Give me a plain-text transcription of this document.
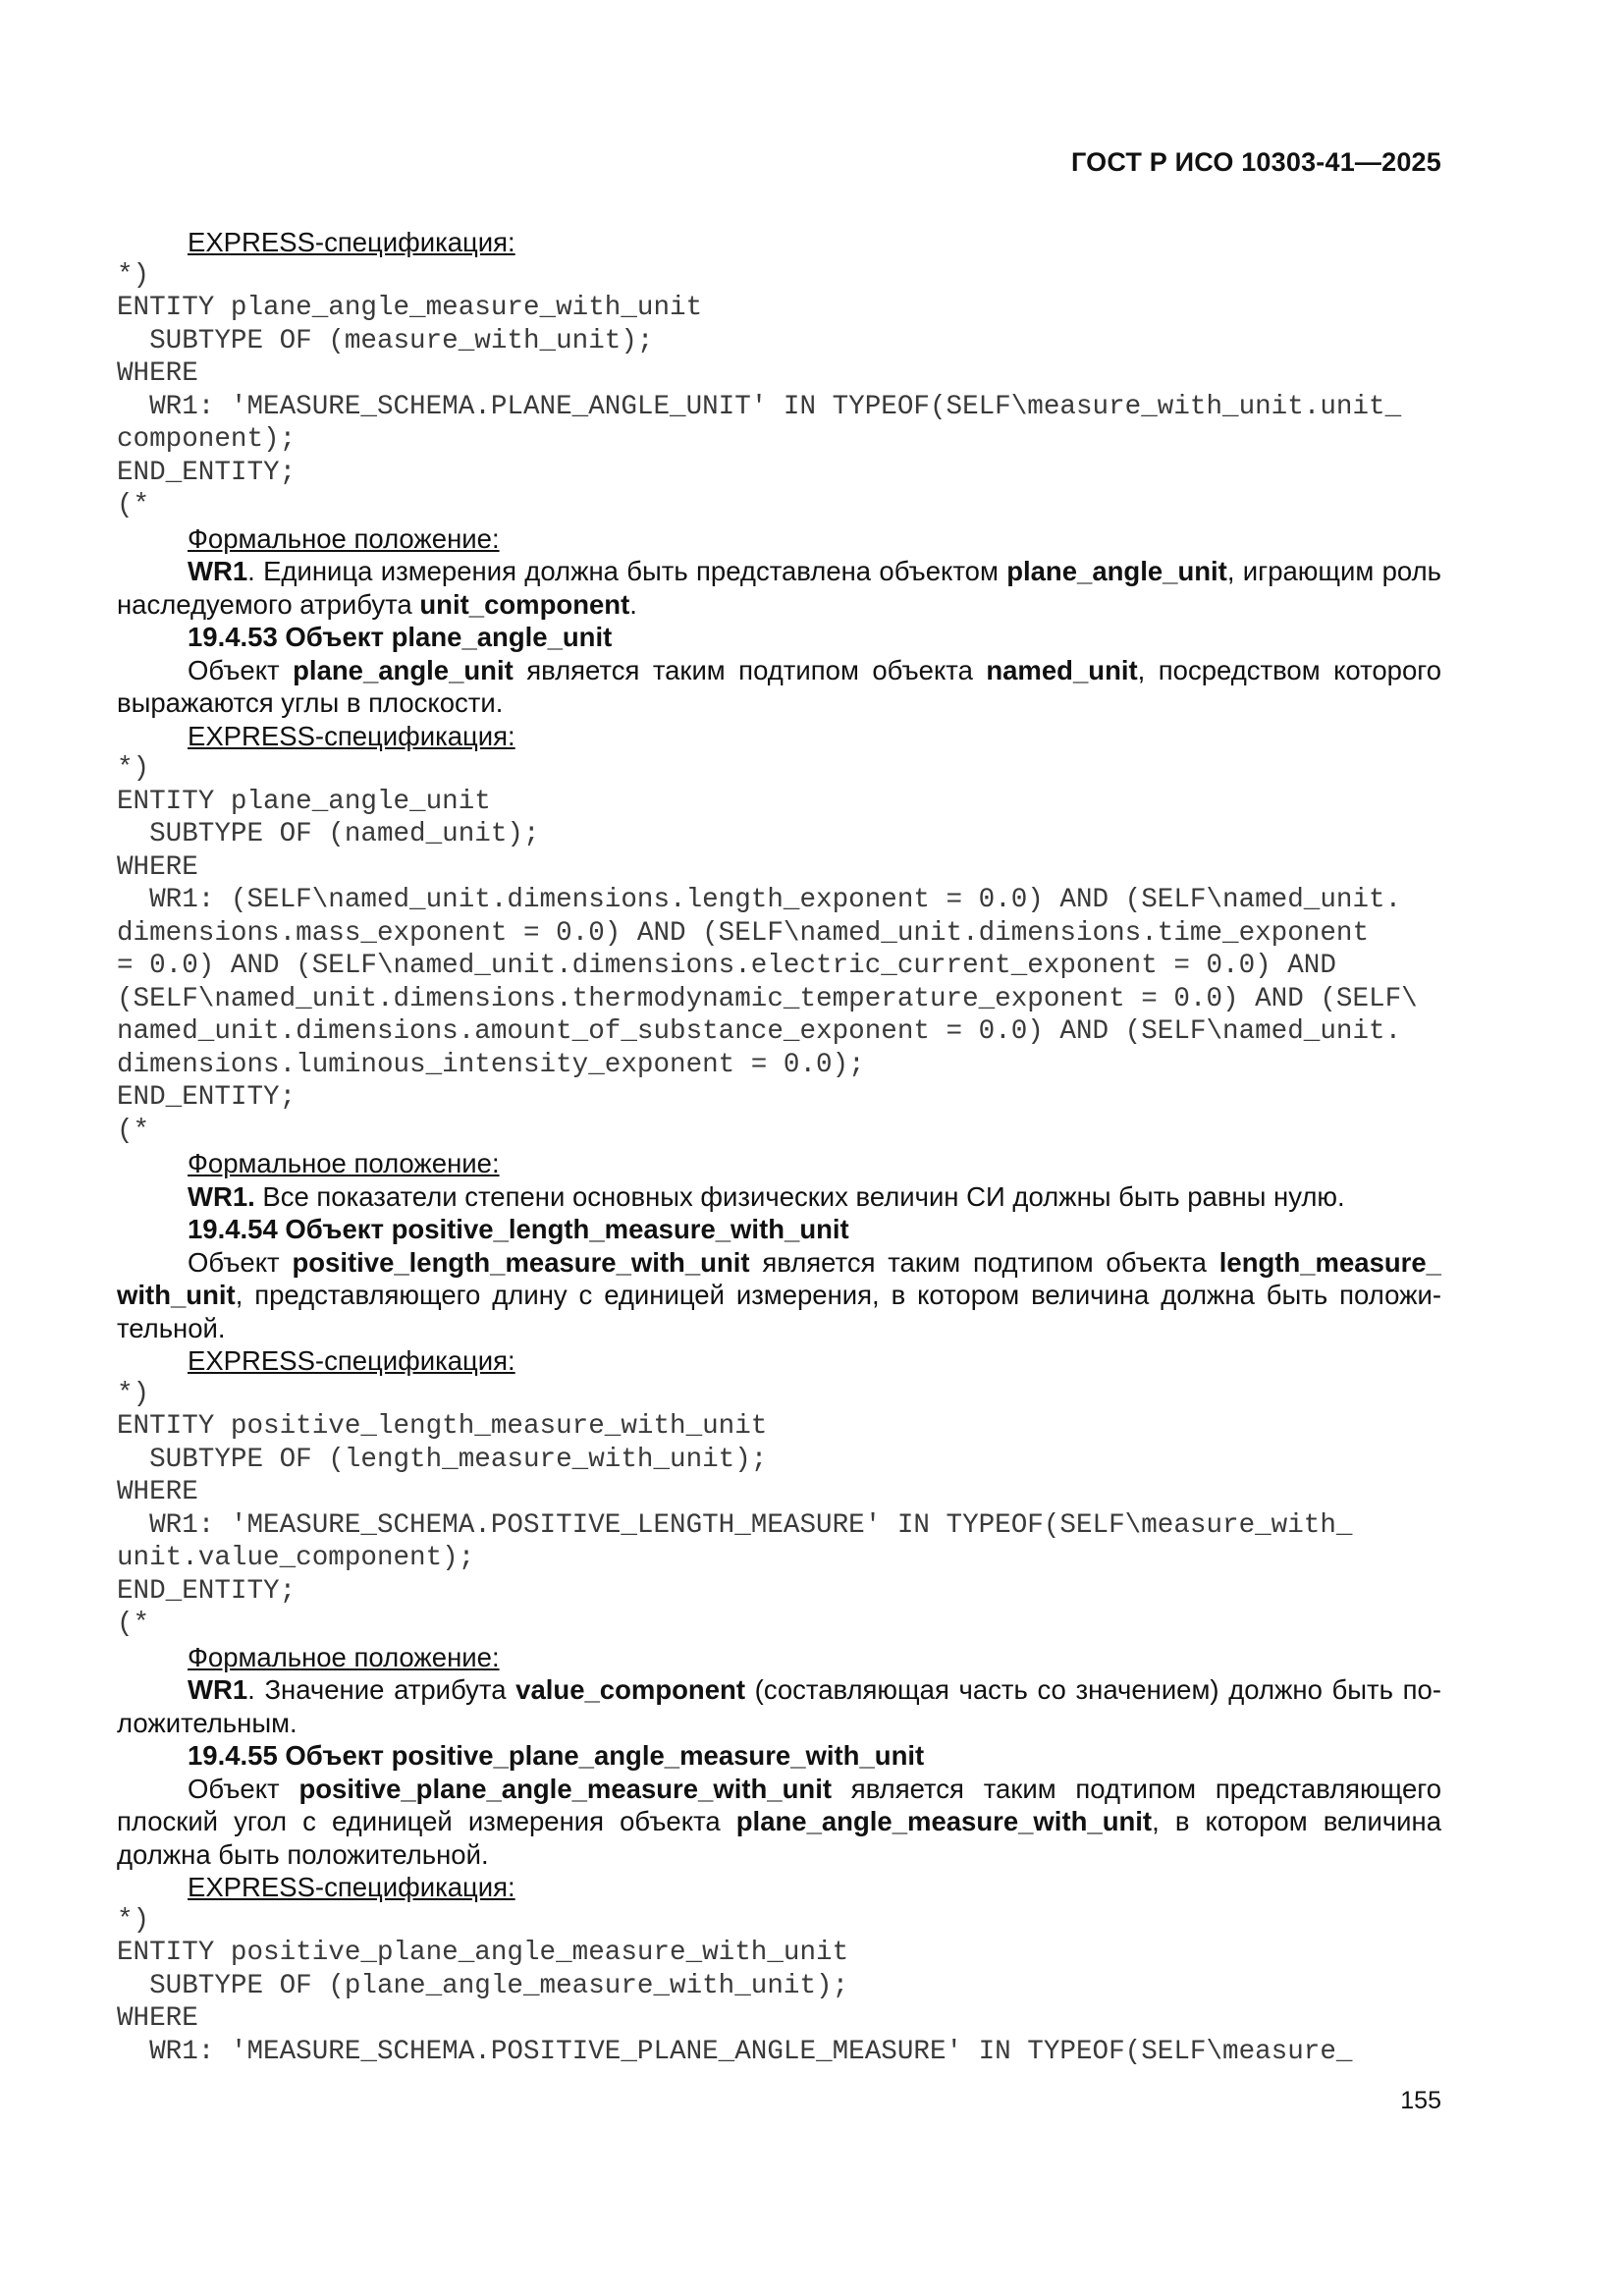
ГОСТ Р ИСО 10303-41—2025
EXPRESS-спецификация:
*)
ENTITY plane_angle_measure_with_unit
SUBTYPE OF (measure_with_unit);
WHERE
WR1: 'MEASURE_SCHEMA.PLANE_ANGLE_UNIT' IN TYPEOF(SELF\measure_with_unit.unit_
component);
END_ENTITY;
(*
Формальное положение:
WR1. Единица измерения должна быть представлена объектом plane_angle_unit, играющим роль наследуемого атрибута unit_component.
19.4.53 Объект plane_angle_unit
Объект plane_angle_unit является таким подтипом объекта named_unit, посредством которого выражаются углы в плоскости.
EXPRESS-спецификация:
*)
ENTITY plane_angle_unit
SUBTYPE OF (named_unit);
WHERE
WR1: (SELF\named_unit.dimensions.length_exponent = 0.0) AND (SELF\named_unit.
dimensions.mass_exponent = 0.0) AND (SELF\named_unit.dimensions.time_exponent
= 0.0) AND (SELF\named_unit.dimensions.electric_current_exponent = 0.0) AND
(SELF\named_unit.dimensions.thermodynamic_temperature_exponent = 0.0) AND (SELF\
named_unit.dimensions.amount_of_substance_exponent = 0.0) AND (SELF\named_unit.
dimensions.luminous_intensity_exponent = 0.0);
END_ENTITY;
(*
Формальное положение:
WR1. Все показатели степени основных физических величин СИ должны быть равны нулю.
19.4.54 Объект positive_length_measure_with_unit
Объект positive_length_measure_with_unit является таким подтипом объекта length_measure_ with_unit, представляющего длину с единицей измерения, в котором величина должна быть положи- тельной.
EXPRESS-спецификация:
*)
ENTITY positive_length_measure_with_unit
SUBTYPE OF (length_measure_with_unit);
WHERE
WR1: 'MEASURE_SCHEMA.POSITIVE_LENGTH_MEASURE' IN TYPEOF(SELF\measure_with_
unit.value_component);
END_ENTITY;
(*
Формальное положение:
WR1. Значение атрибута value_component (составляющая часть со значением) должно быть по- ложительным.
19.4.55 Объект positive_plane_angle_measure_with_unit
Объект positive_plane_angle_measure_with_unit является таким подтипом представляющего плоский угол с единицей измерения объекта plane_angle_measure_with_unit, в котором величина должна быть положительной.
EXPRESS-спецификация:
*)
ENTITY positive_plane_angle_measure_with_unit
SUBTYPE OF (plane_angle_measure_with_unit);
WHERE
WR1: 'MEASURE_SCHEMA.POSITIVE_PLANE_ANGLE_MEASURE' IN TYPEOF(SELF\measure_
155
